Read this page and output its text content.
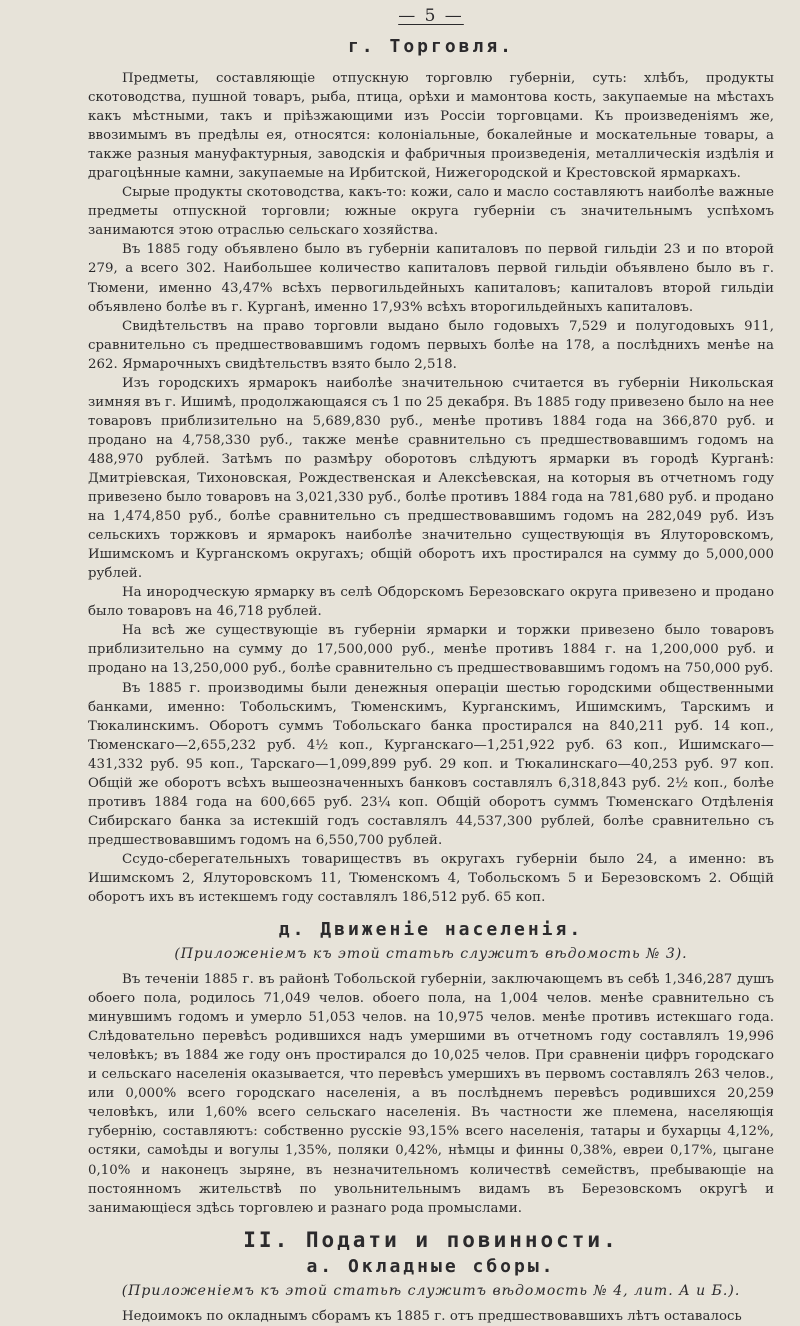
— 5 —
г. Торговля.

Предметы, составляющіе отпускную торговлю губерніи, суть: хлѣбъ, продукты скотоводства, пушной товаръ, рыба, птица, орѣхи и мамонтова кость, закупаемые на мѣстахъ какъ мѣстными, такъ и пріѣзжающими изъ Россіи торговцами. Къ произведеніямъ же, ввозимымъ въ предѣлы ея, относятся: колоніальные, бокалейные и москательные товары, а также разныя мануфактурныя, заводскія и фабричныя произведенія, металлическія издѣлія и драгоцѣнные камни, закупаемые на Ирбитской, Нижегородской и Крестовской ярмаркахъ.

Сырые продукты скотоводства, какъ-то: кожи, сало и масло составляютъ наиболѣе важные предметы отпускной торговли; южные округа губерніи съ значительнымъ успѣхомъ занимаются этою отраслью сельскаго хозяйства.

Въ 1885 году объявлено было въ губерніи капиталовъ по первой гильдіи 23 и по второй 279, а всего 302. Наибольшее количество капиталовъ первой гильдіи объявлено было въ г. Тюмени, именно 43,47% всѣхъ первогильдейныхъ капиталовъ; капиталовъ второй гильдіи объявлено болѣе въ г. Курганѣ, именно 17,93% всѣхъ второгильдейныхъ капиталовъ.

Свидѣтельствъ на право торговли выдано было годовыхъ 7,529 и полугодовыхъ 911, сравнительно съ предшествовавшимъ годомъ первыхъ болѣе на 178, а послѣднихъ менѣе на 262. Ярмарочныхъ свидѣтельствъ взято было 2,518.

Изъ городскихъ ярмарокъ наиболѣе значительною считается въ губерніи Никольская зимняя въ г. Ишимѣ, продолжающаяся съ 1 по 25 декабря. Въ 1885 году привезено было на нее товаровъ приблизительно на 5,689,830 руб., менѣе противъ 1884 года на 366,870 руб. и продано на 4,758,330 руб., также менѣе сравнительно съ предшествовавшимъ годомъ на 488,970 рублей. Затѣмъ по размѣру оборотовъ слѣдуютъ ярмарки въ городѣ Курганѣ: Дмитріевская, Тихоновская, Рождественская и Алексѣевская, на которыя въ отчетномъ году привезено было товаровъ на 3,021,330 руб., болѣе противъ 1884 года на 781,680 руб. и продано на 1,474,850 руб., болѣе сравнительно съ предшествовавшимъ годомъ на 282,049 руб. Изъ сельскихъ торжковъ и ярмарокъ наиболѣе значительно существующія въ Ялуторовскомъ, Ишимскомъ и Курганскомъ округахъ; общій оборотъ ихъ простирался на сумму до 5,000,000 рублей.

На инородческую ярмарку въ селѣ Обдорскомъ Березовскаго округа привезено и продано было товаровъ на 46,718 рублей.

На всѣ же существующіе въ губерніи ярмарки и торжки привезено было товаровъ приблизительно на сумму до 17,500,000 руб., менѣе противъ 1884 г. на 1,200,000 руб. и продано на 13,250,000 руб., болѣе сравнительно съ предшествовавшимъ годомъ на 750,000 руб.

Въ 1885 г. производимы были денежныя операціи шестью городскими общественными банками, именно: Тобольскимъ, Тюменскимъ, Курганскимъ, Ишимскимъ, Тарскимъ и Тюкалинскимъ. Оборотъ суммъ Тобольскаго банка простирался на 840,211 руб. 14 коп., Тюменскаго—2,655,232 руб. 4½ коп., Курганскаго—1,251,922 руб. 63 коп., Ишимскаго—431,332 руб. 95 коп., Тарскаго—1,099,899 руб. 29 коп. и Тюкалинскаго—40,253 руб. 97 коп. Общій же оборотъ всѣхъ вышеозначенныхъ банковъ составлялъ 6,318,843 руб. 2½ коп., болѣе противъ 1884 года на 600,665 руб. 23¼ коп. Общій оборотъ суммъ Тюменскаго Отдѣленія Сибирскаго банка за истекшій годъ составлялъ 44,537,300 рублей, болѣе сравнительно съ предшествовавшимъ годомъ на 6,550,700 рублей.

Ссудо-сберегательныхъ товариществъ въ округахъ губерніи было 24, а именно: въ Ишимскомъ 2, Ялуторовскомъ 11, Тюменскомъ 4, Тобольскомъ 5 и Березовскомъ 2. Общій оборотъ ихъ въ истекшемъ году составлялъ 186,512 руб. 65 коп.

д. Движеніе населенія.
(Приложеніемъ къ этой статьѣ служитъ вѣдомость № 3).

Въ теченіи 1885 г. въ районѣ Тобольской губерніи, заключающемъ въ себѣ 1,346,287 душъ обоего пола, родилось 71,049 челов. обоего пола, на 1,004 челов. менѣе сравнительно съ минувшимъ годомъ и умерло 51,053 челов. на 10,975 челов. менѣе противъ истекшаго года. Слѣдовательно перевѣсъ родившихся надъ умершими въ отчетномъ году составлялъ 19,996 человѣкъ; въ 1884 же году онъ простирался до 10,025 челов. При сравненіи цифръ городскаго и сельскаго населенія оказывается, что перевѣсъ умершихъ въ первомъ составлялъ 263 челов., или 0,000% всего городскаго населенія, а въ послѣднемъ перевѣсъ родившихся 20,259 человѣкъ, или 1,60% всего сельскаго населенія. Въ частности же племена, населяющія губернію, составляютъ: собственно русскіе 93,15% всего населенія, татары и бухарцы 4,12%, остяки, самоѣды и вогулы 1,35%, поляки 0,42%, нѣмцы и финны 0,38%, евреи 0,17%, цыгане 0,10% и наконецъ зыряне, въ незначительномъ количествѣ семействъ, пребывающіе на постоянномъ жительствѣ по увольнительнымъ видамъ въ Березовскомъ округѣ и занимающіеся здѣсь торговлею и разнаго рода промыслами.

II. Подати и повинности.
а. Окладные сборы.
(Приложеніемъ къ этой статьѣ служитъ вѣдомость № 4, лит. А и Б.).

Недоимокъ по окладнымъ сборамъ къ 1885 г. отъ предшествовавшихъ лѣтъ оставалось
